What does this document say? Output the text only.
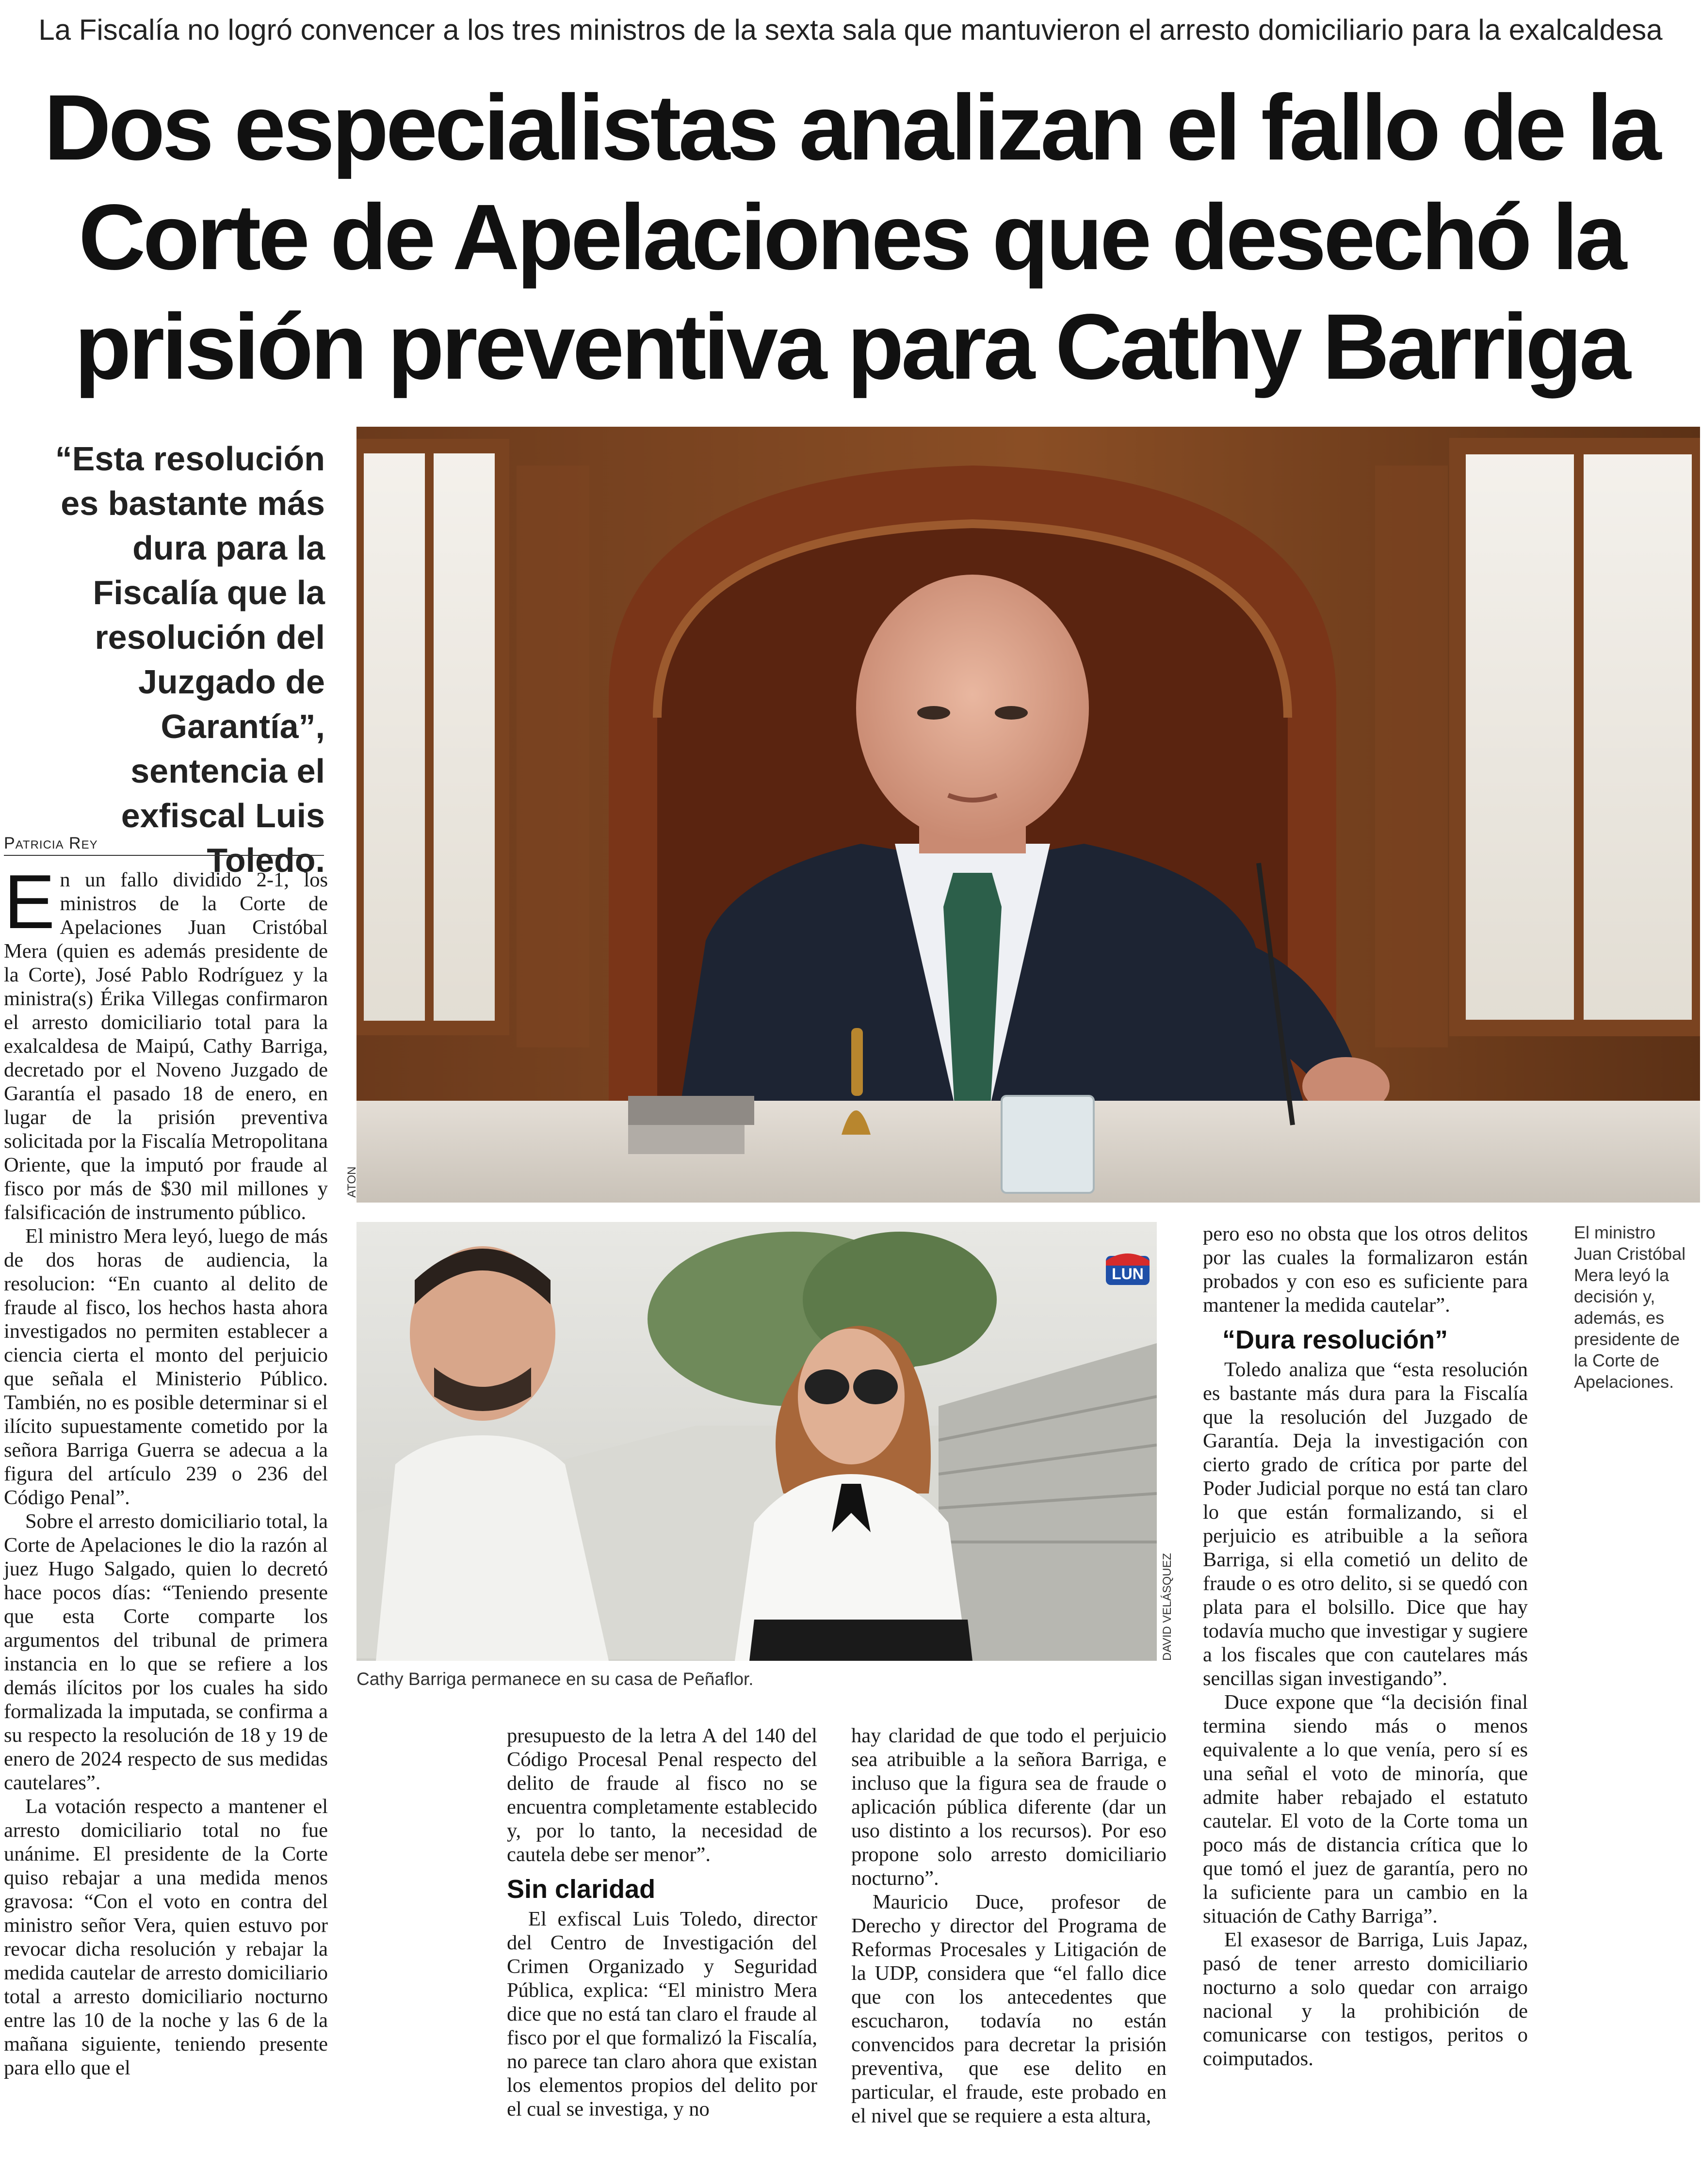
La Fiscalía no logró convencer a los tres ministros de la sexta sala que mantuvieron el arresto domiciliario para la exalcaldesa
Dos especialistas analizan el fallo de la Corte de Apelaciones que desechó la prisión preventiva para Cathy Barriga
“Esta resolución es bastante más dura para la Fiscalía que la resolución del Juzgado de Garantía”, sentencia el exfiscal Luis Toledo.
Patricia Rey
ATON
El ministro Juan Cristóbal Mera leyó la decisión y, además, es presidente de la Corte de Apelaciones.
LUN
DAVID VELÁSQUEZ
Cathy Barriga permanece en su casa de Peñaflor.

En un fallo dividido 2-1, los ministros de la Corte de Apelaciones Juan Cristóbal Mera (quien es además presidente de la Corte), José Pablo Rodríguez y la ministra(s) Érika Villegas confirmaron el arresto domiciliario total para la exalcaldesa de Maipú, Cathy Barriga, decretado por el Noveno Juzgado de Garantía el pasado 18 de enero, en lugar de la prisión preventiva solicitada por la Fiscalía Metropolitana Oriente, que la imputó por fraude al fisco por más de $30 mil millones y falsificación de instrumento público.

El ministro Mera leyó, luego de más de dos horas de audiencia, la resolucion: “En cuanto al delito de fraude al fisco, los hechos hasta ahora investigados no permiten establecer a ciencia cierta el monto del perjuicio que señala el Ministerio Público. También, no es posible determinar si el ilícito supuestamente cometido por la señora Barriga Guerra se adecua a la figura del artículo 239 o 236 del Código Penal”.

Sobre el arresto domiciliario total, la Corte de Apelaciones le dio la razón al juez Hugo Salgado, quien lo decretó hace pocos días: “Teniendo presente que esta Corte comparte los argumentos del tribunal de primera instancia en lo que se refiere a los demás ilícitos por los cuales ha sido formalizada la imputada, se confirma a su respecto la resolución de 18 y 19 de enero de 2024 respecto de sus medidas cautelares”.

La votación respecto a mantener el arresto domiciliario total no fue unánime. El presidente de la Corte quiso rebajar a una medida menos gravosa: “Con el voto en contra del ministro señor Vera, quien estuvo por revocar dicha resolución y rebajar la medida cautelar de arresto domiciliario total a arresto domiciliario nocturno entre las 10 de la noche y las 6 de la mañana siguiente, teniendo presente para ello que el

presupuesto de la letra A del 140 del Código Procesal Penal respecto del delito de fraude al fisco no se encuentra completamente establecido y, por lo tanto, la necesidad de cautela debe ser menor”.

Sin claridad

El exfiscal Luis Toledo, director del Centro de Investigación del Crimen Organizado y Seguridad Pública, explica: “El ministro Mera dice que no está tan claro el fraude al fisco por el que formalizó la Fiscalía, no parece tan claro ahora que existan los elementos propios del delito por el cual se investiga, y no

hay claridad de que todo el perjuicio sea atribuible a la señora Barriga, e incluso que la figura sea de fraude o aplicación pública diferente (dar un uso distinto a los recursos). Por eso propone solo arresto domiciliario nocturno”.

Mauricio Duce, profesor de Derecho y director del Programa de Reformas Procesales y Litigación de la UDP, considera que “el fallo dice que con los antecedentes que escucharon, todavía no están convencidos para decretar la prisión preventiva, que ese delito en particular, el fraude, este probado en el nivel que se requiere a esta altura,

pero eso no obsta que los otros delitos por las cuales la formalizaron están probados y con eso es suficiente para mantener la medida cautelar”.

“Dura resolución”

Toledo analiza que “esta resolución es bastante más dura para la Fiscalía que la resolución del Juzgado de Garantía. Deja la investigación con cierto grado de crítica por parte del Poder Judicial porque no está tan claro lo que están formalizando, si el perjuicio es atribuible a la señora Barriga, si ella cometió un delito de fraude o es otro delito, si se quedó con plata para el bolsillo. Dice que hay todavía mucho que investigar y sugiere a los fiscales que con cautelares más sencillas sigan investigando”.

Duce expone que “la decisión final termina siendo más o menos equivalente a lo que venía, pero sí es una señal el voto de minoría, que admite haber rebajado el estatuto cautelar. El voto de la Corte toma un poco más de distancia crítica que lo que tomó el juez de garantía, pero no la suficiente para un cambio en la situación de Cathy Barriga”.

El exasesor de Barriga, Luis Japaz, pasó de tener arresto domiciliario nocturno a solo quedar con arraigo nacional y la prohibición de comunicarse con testigos, peritos o coimputados.
